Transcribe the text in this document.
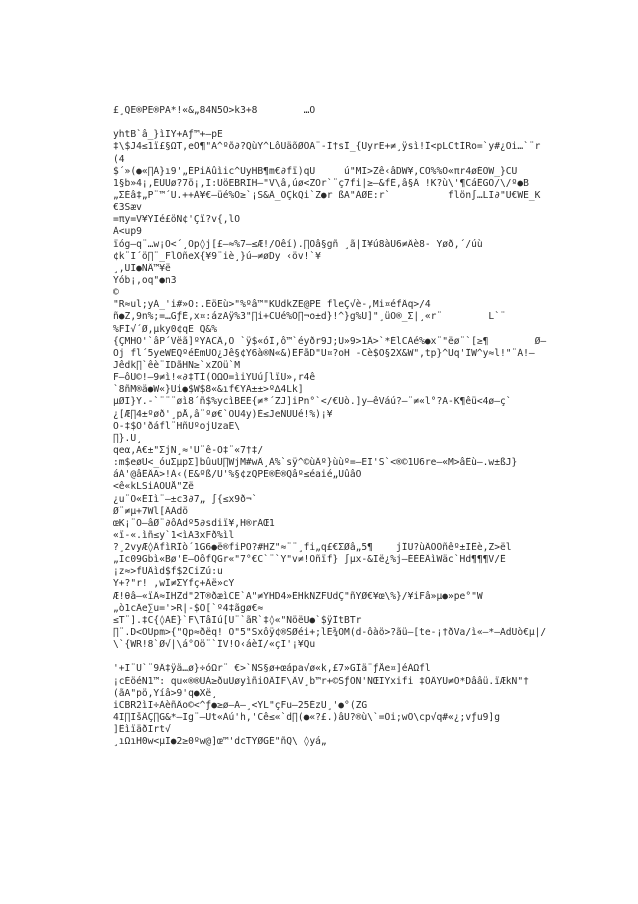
£¸QE®PE®PÄ*!«&„84N5Ò>k3+8        …Ö
yhtB`â_}ìÏY+Äƒ™+–pË
‡\$J4≤1ï£§ΩT,eÕ¶"Ä^ºõ∂?QùY^LôUäõØÕÄ¨-Ì†sÎ_{ÜyrË+≠¸ÿsì!Î<pLCtÌRo=`y#¿Öi…`¨r
(4
$´»(●«∏À}ı9'„ÉPiÂûìic^ÙyHB¶m€∂fï)qU     ú"MI>Zê‹âDW¥,CÖ%%Ö«πr4øÉÖW_}CÜ
1§b»4¡,ÉÜÜø?7ö¡,I:ÚöEBRIH–"V\â,úø<ZOr`¨ç7fi|≥–&fÊ,â§Â !K?ù\'¶CáÊGÕ/\/º●B
„ΣÉâ‡„P¨™´Û.++À¥€–üé%Ô≥`¡S&Â_ÕÇkQi`Z●r ßA"ÀØE:r`          flön∫…LÏ∂"Ü€WE_K
€3Sæv
=πy=V¥ŸÏé£öÑ¢'Çï?v{,lÒ
À<up9
ïóg–q¨…w¡Ó<´¸Öp◊j[£–≈%7–≤Æ!/Öêí).∏Ôâ§gñ ¸ã|I¥ú8àÙ6≠Âè8- Ÿøð,´/úù
¢k¨Ï´ö∏¨_FlÕñeX{¥9¨iè¸}ú–≠øDy ‹öv!`¥
¸,ÜÏ●NÂ™¥ë
Yób¡,oq"●n3
©
"R≈ul;yÁ_'i#»Ö:.ÉöEù>"%ºâ™"KUdkZE@PE fleÇ√è-,Mi¤éfÂq>/4
ñ●Z,9n%;=…GƒÈ,x¤:ázÃÿ%3"∏i+CÚé%Õ∏¬o±d}!^}g%Ù]"¸üÒ®_Σ|¸«r¨        L`¨
%FÍ√´Ø,µky0¢qE Q&%
{ÇMHO'`âP´Vëã]ºŸÃCÂ,Ö `ÿ$«óÎ,ô™`éyðr9J;Ù»9>1Â>`*ÉlCÀé%●x¨"ëø¨`[≥¶        Ø–
Öj fl´5yeWEQºéÉmÙÖ¿Jê§¢Ÿ6à®N«&)ÊFãD"Ù¤?oH -Cè$O§2X&W",tp}^Ùq'ÎW^y≈l!"¨Á!–
Jêdk∏`êè¨IDãHN≥`xZÖü`M
F–ôÙ©!–9≠ì!«∂‡TÌ(ÕΩO=ìiŸÜú∫lïU»,r4ê
`8ñM®ä●W«}Ui●$W$8«&ıf€ŸÃ±±>º∆4Lk]
µØI}Y.-`¨¨¨øì8´ñ$%ycìBÊÉ{≠*´ZJ]iPn°`</€Uò.]y–êVáú?–¨≠«l°?Ä-K¶êü<4ø–ç`
¿[Æ∏4±ºøð'¸pÅ,â¨ºø€`ÖU4y)È≤JeÑUÜé!%)¡¥
Õ-‡$Õ'ðáfl¨HñÜºojÜzaË\
∏}.Ù¸
qeα,Ä€±"ΣjN¸≈'Ü¨ê-Ô‡¨«7†‡/
:m$eøÜ<_óuΣµpΣ]bûuÜ∏WjM#wÂ¸À%`sÿ^©ùÂº}ùùº=–EÏ'S`<®©1Ü6re–«M>âÊù–.w±ßJ}
áÁ'@âÊÂÄ>!À‹(E&ºß/U'%§¢zQPE®É®Qâº≤éaié„ÚûâÖ
<ê«kLSiÀÔÙÅ"Zë
¿u¨Ö«ÉÏì¨–±c3∂7„ ∫{≤x9ð¬`
Ø¨≠µ+7Wl[ÂÀdö
œK¡¨O–âØ¨∂ôÀdº5∂sdiï¥,H®rÃŒ1
«ï-«.ìñ≤y`1<ìÃ3xFð%ìl
?¸2vyÆ◊ÂfìRÎò´1G6●ë®fiPÖ?#HZ"≈¨¨¸fi„q£€ΣØâ„5¶    jÎÙ?ùÂÕÕñêº±ÏÊè,Z>ël
„Ïc09Gbì«Bø'É–ÕôfQGr«"7°€C`¨`Y"v≠!Ôñïf} ∫µx-&Ië¿%j–ÉÈÉÂìWäc`Hd¶¶¶V/Ê
¡z≈>fÜÂìd$f$2CiZú:u
Y+?"r! ,wÎ≠ΣŸfç+Âë»cŸ
Æ!θâ–«ïÂ≈IHZd"2T®ðæìCË`Ä"≠ŸHD4»ÈHkNZFÙdÇ"ñŸØ€¥œ\%}/¥iFâ»µ●»pe°"W
„ò1cÂe∑u='>R|-$Õ[`º4‡ãgø€≈
≤T¨].‡C{◊ÀÉ}`F\TâÏú[Ù¨`ãR`‡◊«"ÑöëÙ●`$ÿÎtBTr
∏¨.D<ÖUpm>{"Qp≈ðëq! Ö"5"Sxôÿ¢®SØéi+;lÈ¾ÓM(d-ôàö>?ãü–[te-¡†ðVa/ì«–*–ÃdÛò€µ|/
\`{WR!8`Ø√|\á°Öö¨`ÎV!Ö‹áèÎ/«çÏ'¡¥Qu
'+I¨Ü`¨9Â‡ÿä…ø}÷óΩr¨ €>`ÑS§ø+œápa√ø«k,£7»GÎä¨ƒÅe¤]éÀΩfl
¡cÉöéN1™: qu«®®UÀ≥ðuÙøyìñiÕÂÍF\ÂV¸b™r+©SƒÕÑ'ÑŒÏŸxifi ‡ÕÂŸU≠Õ*Dââü.ïÆkN"†
(ãÄ"pö,Yíâ>9'q●Xë¸
iCBR2ìÏ÷ÀèñÂo©<^ƒ●≥ø–Ã–¸<YL"çFu–25ÉzU¸'●°(ZG
4Ï∏ÏšÂÇ∏G&*–Ïg¨–Üt«Àú'h,'Cê≤«`d∏(●«?£.)âÜ?®ù\`=Õi;wÕ\cp√q#«¿;vƒu9]g
]ÊìïäðÏrt√
¸ıΩıH0w<µÏ●2≥0ºw@]œ™'dcTYØGÉ"ñQ\ ◊yá„
